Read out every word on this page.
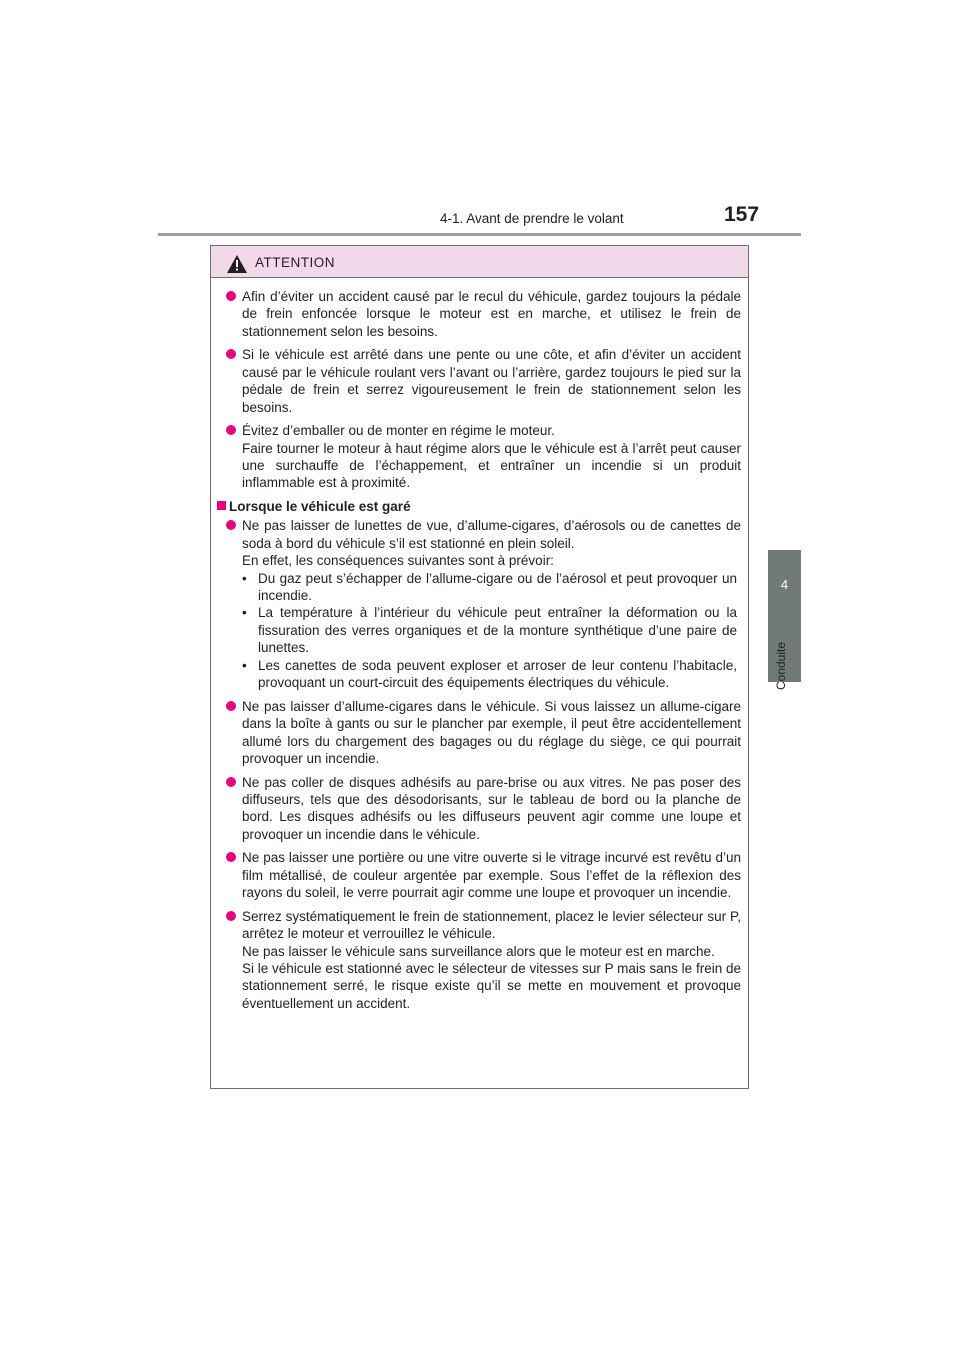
157
4-1. Avant de prendre le volant
4
Conduite
ATTENTION
Afin d’éviter un accident causé par le recul du véhicule, gardez toujours la pédale de frein enfoncée lorsque le moteur est en marche, et utilisez le frein de stationnement selon les besoins.
Si le véhicule est arrêté dans une pente ou une côte, et afin d’éviter un accident causé par le véhicule roulant vers l’avant ou l’arrière, gardez toujours le pied sur la pédale de frein et serrez vigoureusement le frein de stationnement selon les besoins.
Évitez d’emballer ou de monter en régime le moteur.
Faire tourner le moteur à haut régime alors que le véhicule est à l’arrêt peut causer une surchauffe de l’échappement, et entraîner un incendie si un produit inflammable est à proximité.
Lorsque le véhicule est garé
Ne pas laisser de lunettes de vue, d’allume-cigares, d’aérosols ou de canettes de soda à bord du véhicule s’il est stationné en plein soleil.
En effet, les conséquences suivantes sont à prévoir:
• Du gaz peut s’échapper de l’allume-cigare ou de l’aérosol et peut provoquer un incendie.
• La température à l’intérieur du véhicule peut entraîner la déformation ou la fissuration des verres organiques et de la monture synthétique d’une paire de lunettes.
• Les canettes de soda peuvent exploser et arroser de leur contenu l’habitacle, provoquant un court-circuit des équipements électriques du véhicule.
Ne pas laisser d’allume-cigares dans le véhicule. Si vous laissez un allume-cigare dans la boîte à gants ou sur le plancher par exemple, il peut être accidentellement allumé lors du chargement des bagages ou du réglage du siège, ce qui pourrait provoquer un incendie.
Ne pas coller de disques adhésifs au pare-brise ou aux vitres. Ne pas poser des diffuseurs, tels que des désodorisants, sur le tableau de bord ou la planche de bord. Les disques adhésifs ou les diffuseurs peuvent agir comme une loupe et provoquer un incendie dans le véhicule.
Ne pas laisser une portière ou une vitre ouverte si le vitrage incurvé est revêtu d’un film métallisé, de couleur argentée par exemple. Sous l’effet de la réflexion des rayons du soleil, le verre pourrait agir comme une loupe et provoquer un incendie.
Serrez systématiquement le frein de stationnement, placez le levier sélecteur sur P, arrêtez le moteur et verrouillez le véhicule.
Ne pas laisser le véhicule sans surveillance alors que le moteur est en marche.
Si le véhicule est stationné avec le sélecteur de vitesses sur P mais sans le frein de stationnement serré, le risque existe qu’il se mette en mouvement et provoque éventuellement un accident.
